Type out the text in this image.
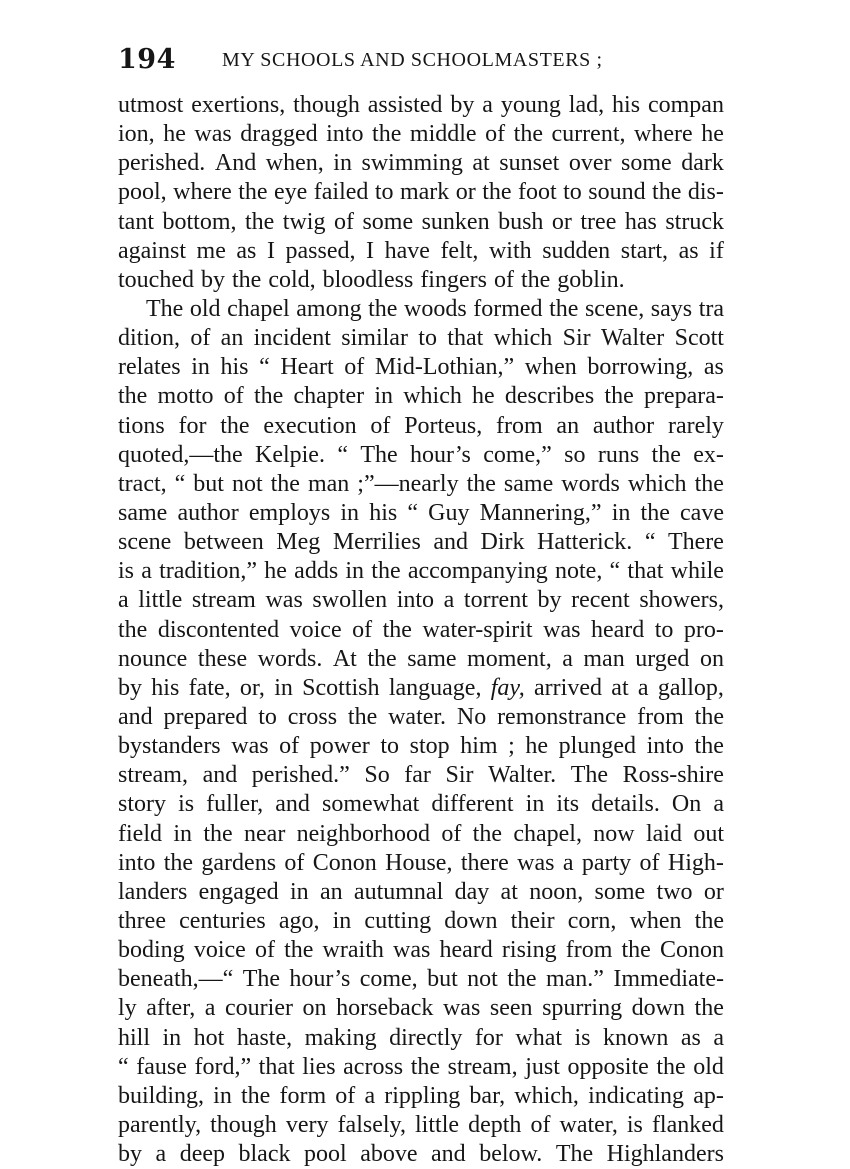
194 MY SCHOOLS AND SCHOOLMASTERS ;
utmost exertions, though assisted by a young lad, his compan
ion, he was dragged into the middle of the current, where he
perished. And when, in swimming at sunset over some dark
pool, where the eye failed to mark or the foot to sound the dis-
tant bottom, the twig of some sunken bush or tree has struck
against me as I passed, I have felt, with sudden start, as if
touched by the cold, bloodless fingers of the goblin.
The old chapel among the woods formed the scene, says tra
dition, of an incident similar to that which Sir Walter Scott
relates in his “ Heart of Mid-Lothian,” when borrowing, as
the motto of the chapter in which he describes the prepara-
tions for the execution of Porteus, from an author rarely
quoted,—the Kelpie. “ The hour’s come,” so runs the ex-
tract, “ but not the man ;”—nearly the same words which the
same author employs in his “ Guy Mannering,” in the cave
scene between Meg Merrilies and Dirk Hatterick. “ There
is a tradition,” he adds in the accompanying note, “ that while
a little stream was swollen into a torrent by recent showers,
the discontented voice of the water-spirit was heard to pro-
nounce these words. At the same moment, a man urged on
by his fate, or, in Scottish language, fay, arrived at a gallop,
and prepared to cross the water. No remonstrance from the
bystanders was of power to stop him ; he plunged into the
stream, and perished.” So far Sir Walter. The Ross-shire
story is fuller, and somewhat different in its details. On a
field in the near neighborhood of the chapel, now laid out
into the gardens of Conon House, there was a party of High-
landers engaged in an autumnal day at noon, some two or
three centuries ago, in cutting down their corn, when the
boding voice of the wraith was heard rising from the Conon
beneath,—“ The hour’s come, but not the man.” Immediate-
ly after, a courier on horseback was seen spurring down the
hill in hot haste, making directly for what is known as a
“ fause ford,” that lies across the stream, just opposite the old
building, in the form of a rippling bar, which, indicating ap-
parently, though very falsely, little depth of water, is flanked
by a deep black pool above and below. The Highlanders
